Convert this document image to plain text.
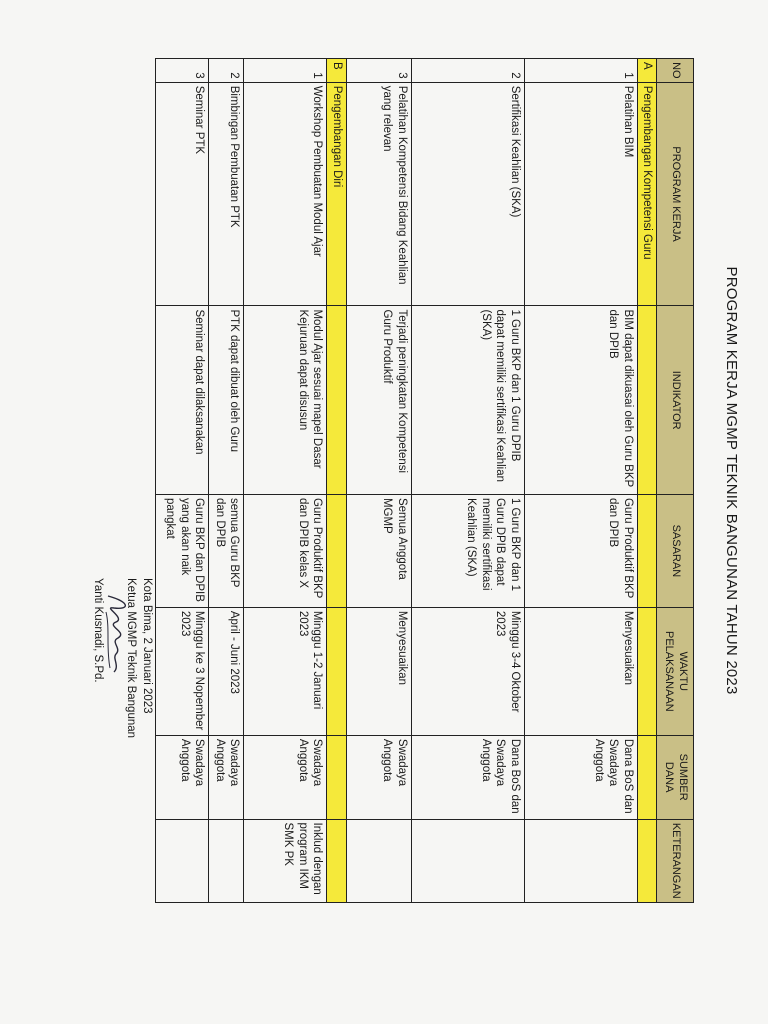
PROGRAM KERJA MGMP TEKNIK BANGUNAN TAHUN 2023
NO	PROGRAM KERJA	INDIKATOR	SASARAN	WAKTU PELAKSANAAN	SUMBER DANA	KETERANGAN
A	Pengembangan Kompetensi Guru					
1	Pelatihan BIM	BIM dapat dikuasai oleh Guru BKP dan DPIB	Guru Produktif BKP dan DPIB	Menyesuaikan	Dana BoS dan Swadaya Anggota	
2	Sertifikasi Keahlian (SKA)	1 Guru BKP dan 1 Guru DPIB dapat memiliki sertifikasi Keahlian (SKA)	1 Guru BKP dan 1 Guru DPIB dapat memiliki sertifikasi Keahlian (SKA)	Minggu 3-4 Oktober 2023	Dana BoS dan Swadaya Anggota	
3	Pelatihan Kompetensi Bidang Keahlian yang relevan	Terjadi peningkatan Kompetensi Guru Produktif	Semua Anggota MGMP	Menyesuaikan	Swadaya Anggota	
B	Pengembangan Diri					
1	Workshop Pembuatan Modul Ajar	Modul Ajar sesuai mapel Dasar Kejuruan dapat disusun	Guru Produktif BKP dan DPIB kelas X	Minggu 1-2 Januari 2023	Swadaya Anggota	Inklud dengan program IKM SMK PK
2	Bimbingan Pembuatan PTK	PTK dapat dibuat oleh Guru	semua Guru BKP dan DPIB	April - Juni 2023	Swadaya Anggota	
3	Seminar PTK	Seminar dapat dilaksanakan	Guru BKP dan DPIB yang akan naik pangkat	Minggu ke 3 Nopember 2023	Swadaya Anggota	
Kota Bima, 2 Januari 2023
Ketua MGMP Teknik Bangunan
Yanti Kusnadi, S.Pd.
